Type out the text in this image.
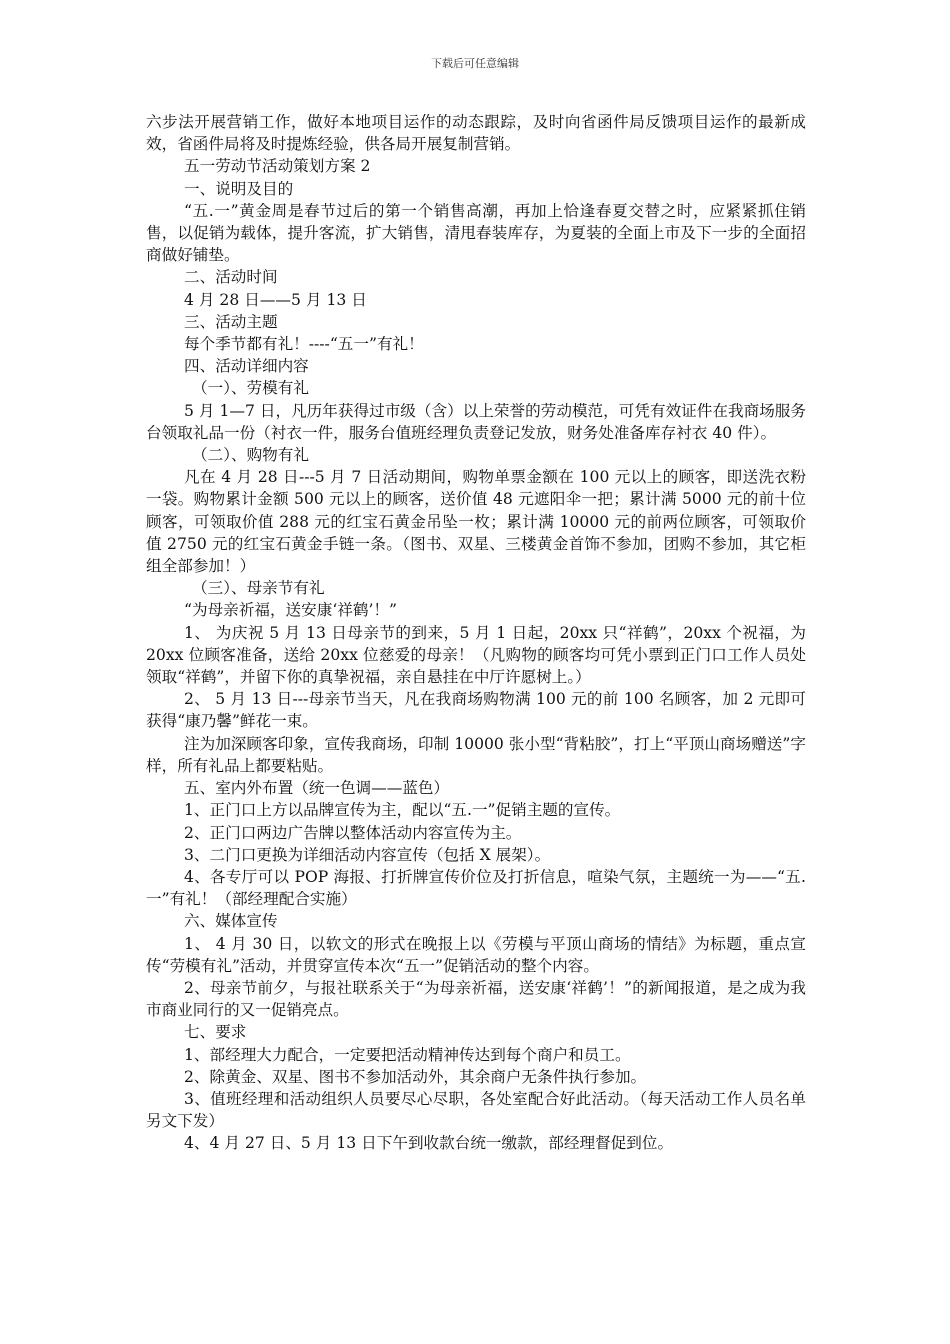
下载后可任意编辑

六步法开展营销工作，做好本地项目运作的动态跟踪，及时向省函件局反馈项目运作的最新成效，省函件局将及时提炼经验，供各局开展复制营销。

五一劳动节活动策划方案 2

一、说明及目的

“五.一”黄金周是春节过后的第一个销售高潮，再加上恰逢春夏交替之时，应紧紧抓住销售，以促销为载体，提升客流，扩大销售，清甩春装库存，为夏装的全面上市及下一步的全面招商做好铺垫。

二、活动时间

4 月 28 日——5 月 13 日

三、活动主题

每个季节都有礼！----“五一”有礼！

四、活动详细内容

（一）、劳模有礼

5 月 1—7 日，凡历年获得过市级（含）以上荣誉的劳动模范，可凭有效证件在我商场服务台领取礼品一份（衬衣一件，服务台值班经理负责登记发放，财务处准备库存衬衣 40 件）。

（二）、购物有礼

凡在 4 月 28 日---5 月 7 日活动期间，购物单票金额在 100 元以上的顾客，即送洗衣粉一袋。购物累计金额 500 元以上的顾客，送价值 48 元遮阳伞一把；累计满 5000 元的前十位顾客，可领取价值 288 元的红宝石黄金吊坠一枚；累计满 10000 元的前两位顾客，可领取价值 2750 元的红宝石黄金手链一条。（图书、双星、三楼黄金首饰不参加，团购不参加，其它柜组全部参加！）

（三）、母亲节有礼

“为母亲祈福，送安康‘祥鹤’！”

1、 为庆祝 5 月 13 日母亲节的到来，5 月 1 日起，20xx 只“祥鹤”，20xx 个祝福，为 20xx 位顾客准备，送给 20xx 位慈爱的母亲！（凡购物的顾客均可凭小票到正门口工作人员处领取“祥鹤”，并留下你的真挚祝福，亲自悬挂在中厅许愿树上。）

2、 5 月 13 日---母亲节当天，凡在我商场购物满 100 元的前 100 名顾客，加 2 元即可获得“康乃馨”鲜花一束。

注为加深顾客印象，宣传我商场，印制 10000 张小型“背粘胶”，打上“平顶山商场赠送”字样，所有礼品上都要粘贴。

五、室内外布置（统一色调——蓝色）

1、正门口上方以品牌宣传为主，配以“五.一”促销主题的宣传。

2、正门口两边广告牌以整体活动内容宣传为主。

3、二门口更换为详细活动内容宣传（包括 X 展架）。

4、各专厅可以 POP 海报、打折牌宣传价位及打折信息，喧染气氛，主题统一为——“五.一”有礼！（部经理配合实施）

六、媒体宣传

1、 4 月 30 日，以软文的形式在晚报上以《劳模与平顶山商场的情结》为标题，重点宣传“劳模有礼”活动，并贯穿宣传本次“五一”促销活动的整个内容。

2、母亲节前夕，与报社联系关于“为母亲祈福，送安康‘祥鹤’！”的新闻报道，是之成为我市商业同行的又一促销亮点。

七、要求

1、部经理大力配合，一定要把活动精神传达到每个商户和员工。

2、除黄金、双星、图书不参加活动外，其余商户无条件执行参加。

3、值班经理和活动组织人员要尽心尽职，各处室配合好此活动。（每天活动工作人员名单另文下发）

4、4 月 27 日、5 月 13 日下午到收款台统一缴款，部经理督促到位。
